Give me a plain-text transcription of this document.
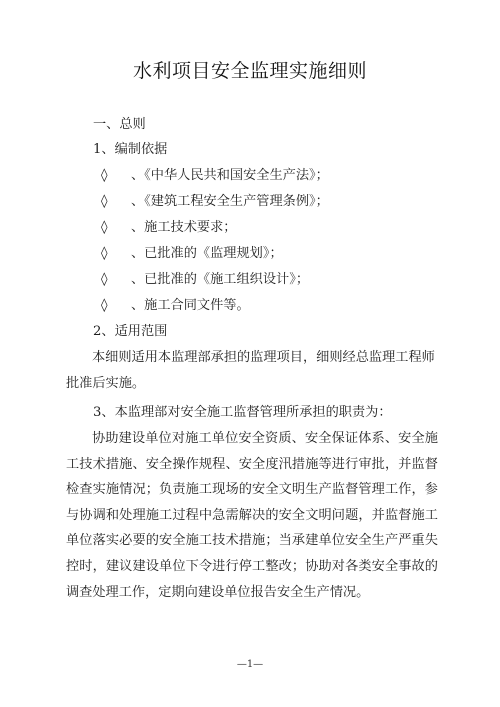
水利项目安全监理实施细则
一、总则
1、编制依据
◊ 、《中华人民共和国安全生产法》；
◊ 、《建筑工程安全生产管理条例》；
◊ 、施工技术要求；
◊ 、已批准的《监理规划》；
◊ 、已批准的《施工组织设计》；
◊ 、施工合同文件等。
2、适用范围
本细则适用本监理部承担的监理项目，细则经总监理工程师批准后实施。
3、本监理部对安全施工监督管理所承担的职责为：
协助建设单位对施工单位安全资质、安全保证体系、安全施工技术措施、安全操作规程、安全度汛措施等进行审批，并监督检查实施情况；负责施工现场的安全文明生产监督管理工作，参与协调和处理施工过程中急需解决的安全文明问题，并监督施工单位落实必要的安全施工技术措施；当承建单位安全生产严重失控时，建议建设单位下令进行停工整改；协助对各类安全事故的调查处理工作，定期向建设单位报告安全生产情况。
—1—
